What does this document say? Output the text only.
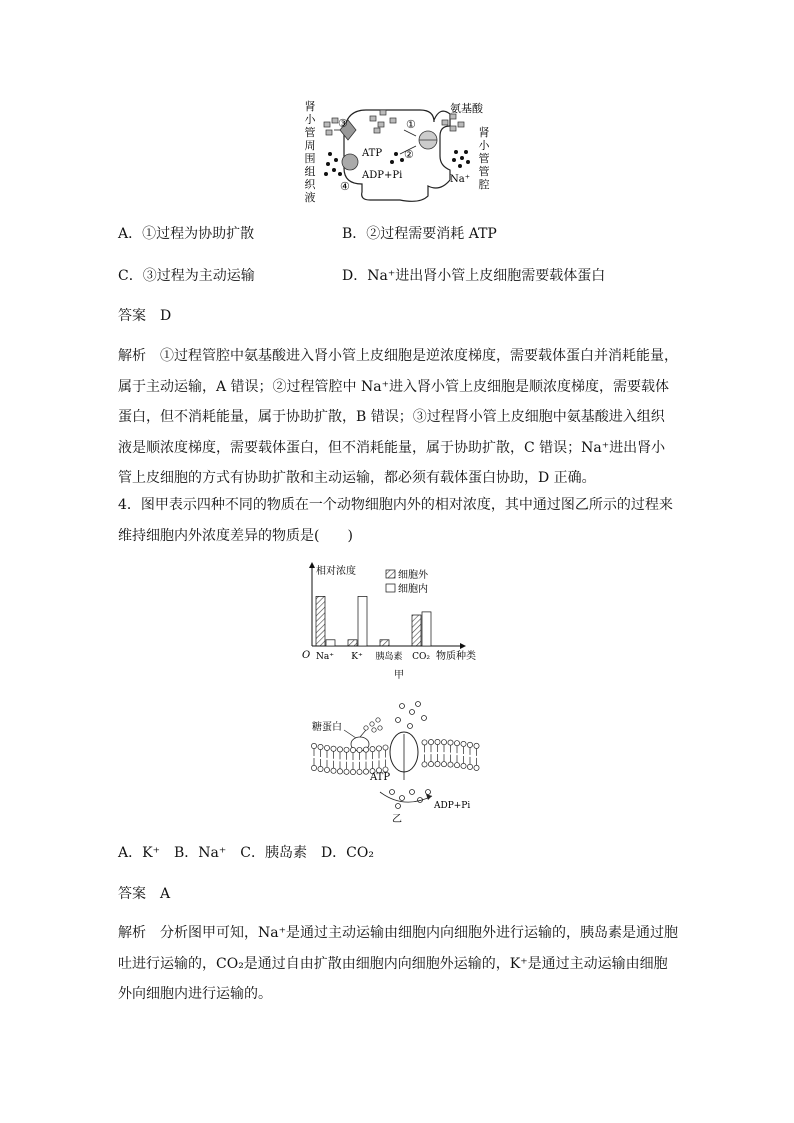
肾小管周围组织液
③	①
②
④
ATP
ADP+Pi
氨基酸
Na⁺
肾小管管腔
A．①过程为协助扩散	B．②过程需要消耗 ATP
C．③过程为主动运输	D．Na⁺进出肾小管上皮细胞需要载体蛋白
答案　 D
解析 ①过程管腔中氨基酸进入肾小管上皮细胞是逆浓度梯度，需要载体蛋白并消耗能量，属于主动运输，A 错误；②过程管腔中 Na⁺进入肾小管上皮细胞是顺浓度梯度，需要载体蛋白，但不消耗能量，属于协助扩散，B 错误；③过程肾小管上皮细胞中氨基酸进入组织液是顺浓度梯度，需要载体蛋白，但不消耗能量，属于协助扩散，C 错误；Na⁺进出肾小管上皮细胞的方式有协助扩散和主动运输，都必须有载体蛋白协助，D 正确。
4．图甲表示四种不同的物质在一个动物细胞内外的相对浓度，其中通过图乙所示的过程来维持细胞内外浓度差异的物质是(　　)
相对浓度
O	物质种类
甲
细胞外
细胞内
Na⁺ K⁺ 胰岛素 CO₂
糖蛋白
ATP
ADP+Pi
乙
A．K⁺　B．Na⁺　C．胰岛素　D．CO₂
答案　 A
解析 分析图甲可知，Na⁺是通过主动运输由细胞内向细胞外进行运输的，胰岛素是通过胞吐进行运输的，CO₂是通过自由扩散由细胞内向细胞外运输的，K⁺是通过主动运输由细胞外向细胞内进行运输的。
